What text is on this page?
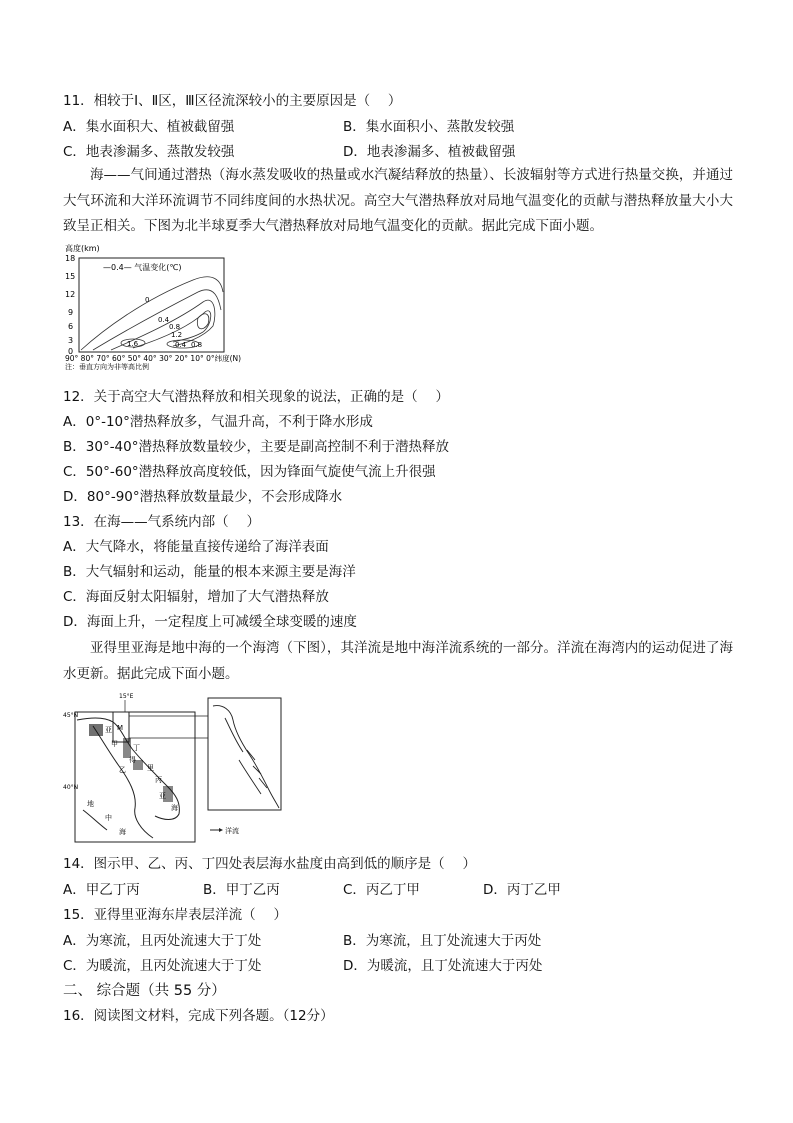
11．相较于Ⅰ、Ⅱ区，Ⅲ区径流深较小的主要原因是（　 ）
A．集水面积大、植被截留强	B．集水面积小、蒸散发较强
C．地表渗漏多、蒸散发较强	D．地表渗漏多、植被截留强
海——气间通过潜热（海水蒸发吸收的热量或水汽凝结释放的热量）、长波辐射等方式进行热量交换，并通过大气环流和大洋环流调节不同纬度间的水热状况。高空大气潜热释放对局地气温变化的贡献与潜热释放量大小大致呈正相关。下图为北半球夏季大气潜热释放对局地气温变化的贡献。据此完成下面小题。
高度(km)
18
15
12
9
6
3
0
—0.4— 气温变化(℃)
0
0.4
0.8
1.2
1.6	0.4 0.8
90° 80° 70° 60° 50° 40° 30° 20° 10° 0°纬度(N)
注：垂直方向为非等高比例
12．关于高空大气潜热释放和相关现象的说法，正确的是（　 ）
A．0°-10°潜热释放多，气温升高，不利于降水形成
B．30°-40°潜热释放数量较少，主要是副高控制不利于潜热释放
C．50°-60°潜热释放高度较低，因为锋面气旋使气流上升很强
D．80°-90°潜热释放数量最少，不会形成降水
13．在海——气系统内部（　 ）
A．大气降水，将能量直接传递给了海洋表面
B．大气辐射和运动，能量的根本来源主要是海洋
C．海面反射太阳辐射，增加了大气潜热释放
D．海面上升，一定程度上可减缓全球变暖的速度
亚得里亚海是地中海的一个海湾（下图），其洋流是地中海洋流系统的一部分。洋流在海湾内的运动促进了海水更新。据此完成下面小题。
45°N
40°N
15°E
亚 M
甲 丁
得
乙	里
丙
亚
海
地
中
海	洋流
14．图示甲、乙、丙、丁四处表层海水盐度由高到低的顺序是（　 ）
A．甲乙丁丙	B．甲丁乙丙	C．丙乙丁甲	D．丙丁乙甲
15．亚得里亚海东岸表层洋流（　 ）
A．为寒流，且丙处流速大于丁处	B．为寒流，且丁处流速大于丙处
C．为暖流，且丙处流速大于丁处	D．为暖流，且丁处流速大于丙处
二、 综合题（共 55 分）
16．阅读图文材料，完成下列各题。（12分）
